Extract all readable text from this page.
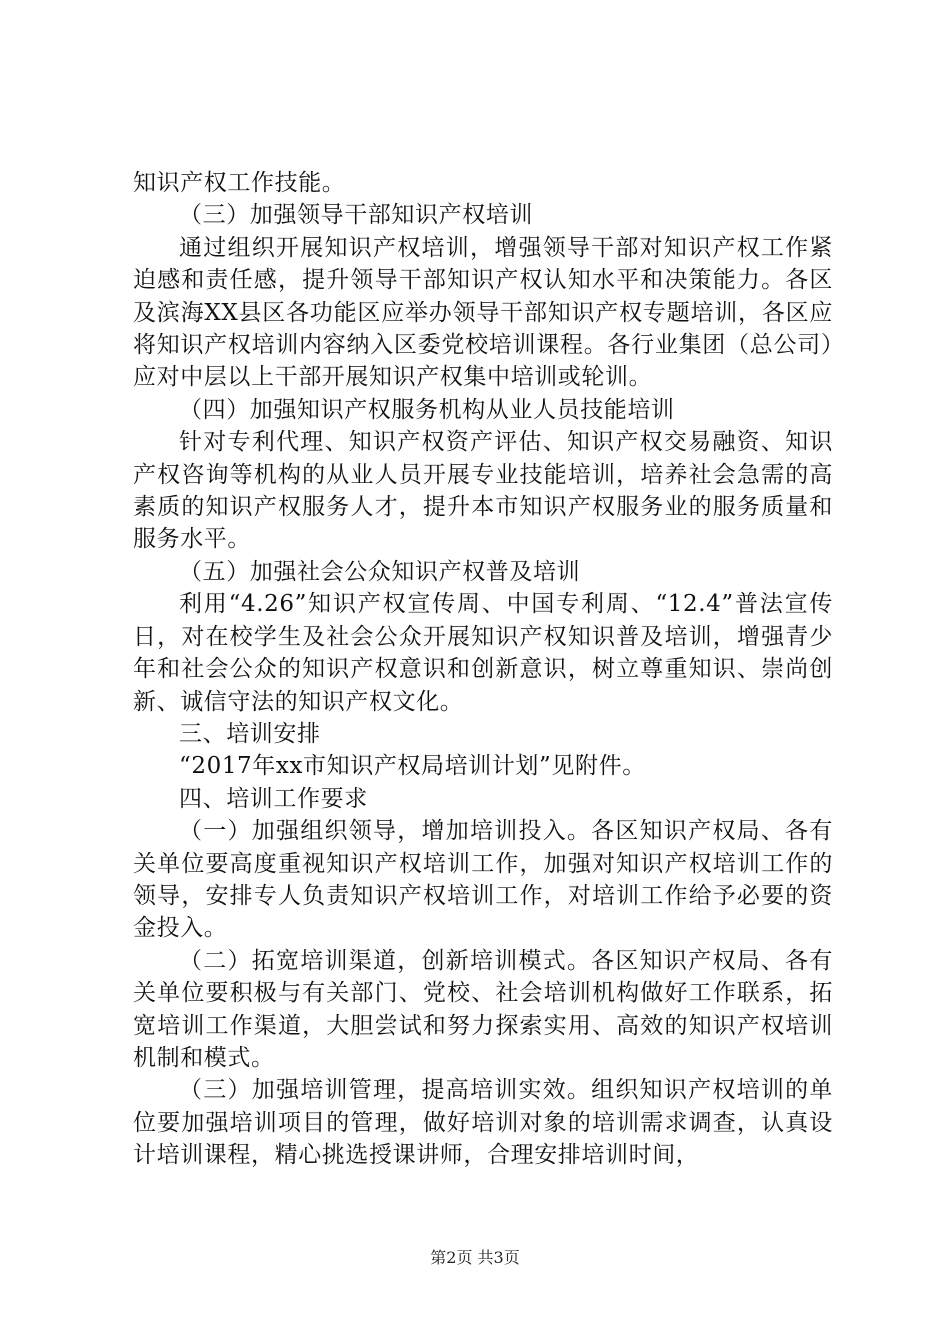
知识产权工作技能。

（三）加强领导干部知识产权培训

通过组织开展知识产权培训，增强领导干部对知识产权工作紧迫感和责任感，提升领导干部知识产权认知水平和决策能力。各区及滨海XX县区各功能区应举办领导干部知识产权专题培训，各区应将知识产权培训内容纳入区委党校培训课程。各行业集团（总公司）应对中层以上干部开展知识产权集中培训或轮训。

（四）加强知识产权服务机构从业人员技能培训

针对专利代理、知识产权资产评估、知识产权交易融资、知识产权咨询等机构的从业人员开展专业技能培训，培养社会急需的高素质的知识产权服务人才，提升本市知识产权服务业的服务质量和服务水平。

（五）加强社会公众知识产权普及培训

利用“4.26”知识产权宣传周、中国专利周、“12.4”普法宣传日，对在校学生及社会公众开展知识产权知识普及培训，增强青少年和社会公众的知识产权意识和创新意识，树立尊重知识、崇尚创新、诚信守法的知识产权文化。

三、培训安排

“2017年xx市知识产权局培训计划”见附件。

四、培训工作要求

（一）加强组织领导，增加培训投入。各区知识产权局、各有关单位要高度重视知识产权培训工作，加强对知识产权培训工作的领导，安排专人负责知识产权培训工作，对培训工作给予必要的资金投入。

（二）拓宽培训渠道，创新培训模式。各区知识产权局、各有关单位要积极与有关部门、党校、社会培训机构做好工作联系，拓宽培训工作渠道，大胆尝试和努力探索实用、高效的知识产权培训机制和模式。

（三）加强培训管理，提高培训实效。组织知识产权培训的单位要加强培训项目的管理，做好培训对象的培训需求调查，认真设计培训课程，精心挑选授课讲师，合理安排培训时间，

第2页 共3页
